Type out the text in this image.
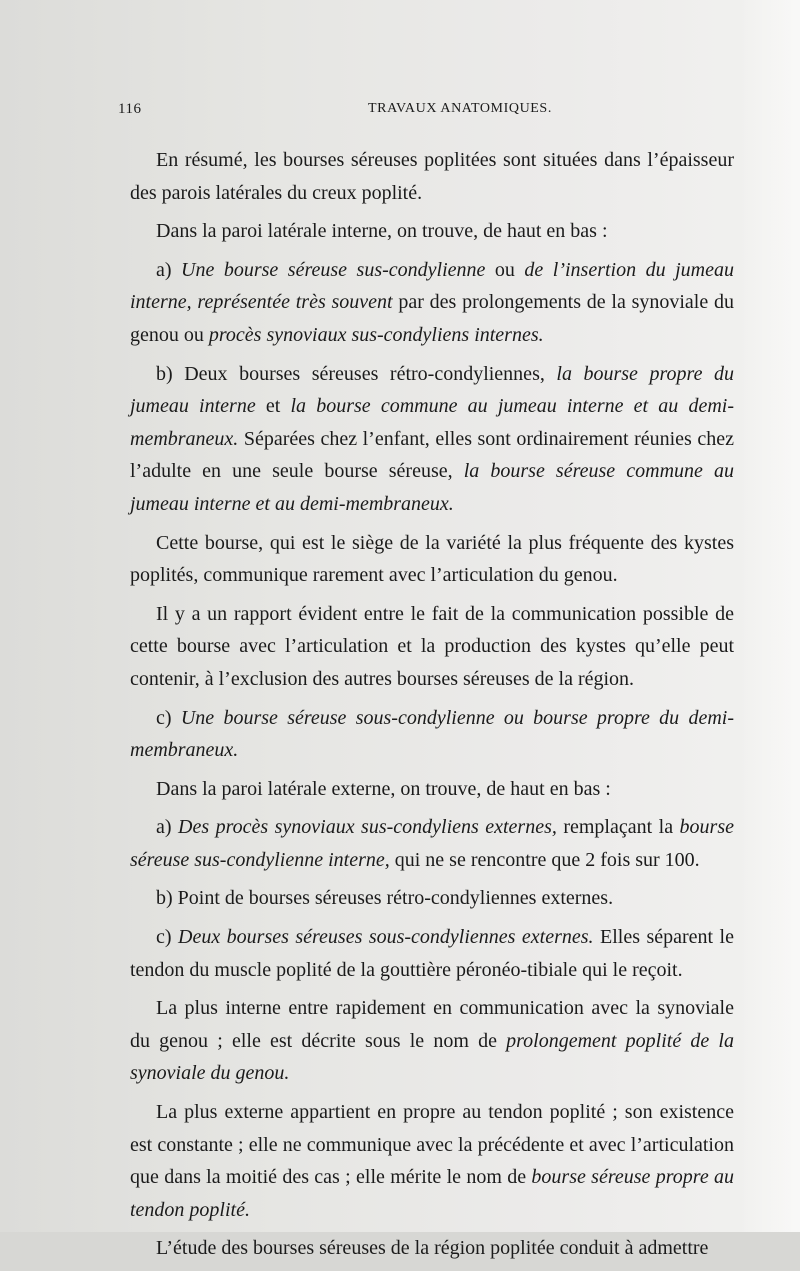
116	TRAVAUX ANATOMIQUES.

En résumé, les bourses séreuses poplitées sont situées dans l’épaisseur des parois latérales du creux poplité.

Dans la paroi latérale interne, on trouve, de haut en bas :

a) Une bourse séreuse sus-condylienne ou de l’insertion du jumeau interne, représentée très souvent par des prolongements de la synoviale du genou ou procès synoviaux sus-condyliens internes.

b) Deux bourses séreuses rétro-condyliennes, la bourse propre du jumeau interne et la bourse commune au jumeau interne et au demi-membraneux. Séparées chez l’enfant, elles sont ordinairement réunies chez l’adulte en une seule bourse séreuse, la bourse séreuse commune au jumeau interne et au demi-membraneux.

Cette bourse, qui est le siège de la variété la plus fréquente des kystes poplités, communique rarement avec l’articulation du genou.

Il y a un rapport évident entre le fait de la communication possible de cette bourse avec l’articulation et la production des kystes qu’elle peut contenir, à l’exclusion des autres bourses séreuses de la région.

c) Une bourse séreuse sous-condylienne ou bourse propre du demi-membraneux.

Dans la paroi latérale externe, on trouve, de haut en bas :

a) Des procès synoviaux sus-condyliens externes, remplaçant la bourse séreuse sus-condylienne interne, qui ne se rencontre que 2 fois sur 100.

b) Point de bourses séreuses rétro-condyliennes externes.

c) Deux bourses séreuses sous-condyliennes externes. Elles séparent le tendon du muscle poplité de la gouttière péronéo-tibiale qui le reçoit.

La plus interne entre rapidement en communication avec la synoviale du genou ; elle est décrite sous le nom de prolongement poplité de la synoviale du genou.

La plus externe appartient en propre au tendon poplité ; son existence est constante ; elle ne communique avec la précédente et avec l’articulation que dans la moitié des cas ; elle mérite le nom de bourse séreuse propre au tendon poplité.

L’étude des bourses séreuses de la région poplitée conduit à admettre
